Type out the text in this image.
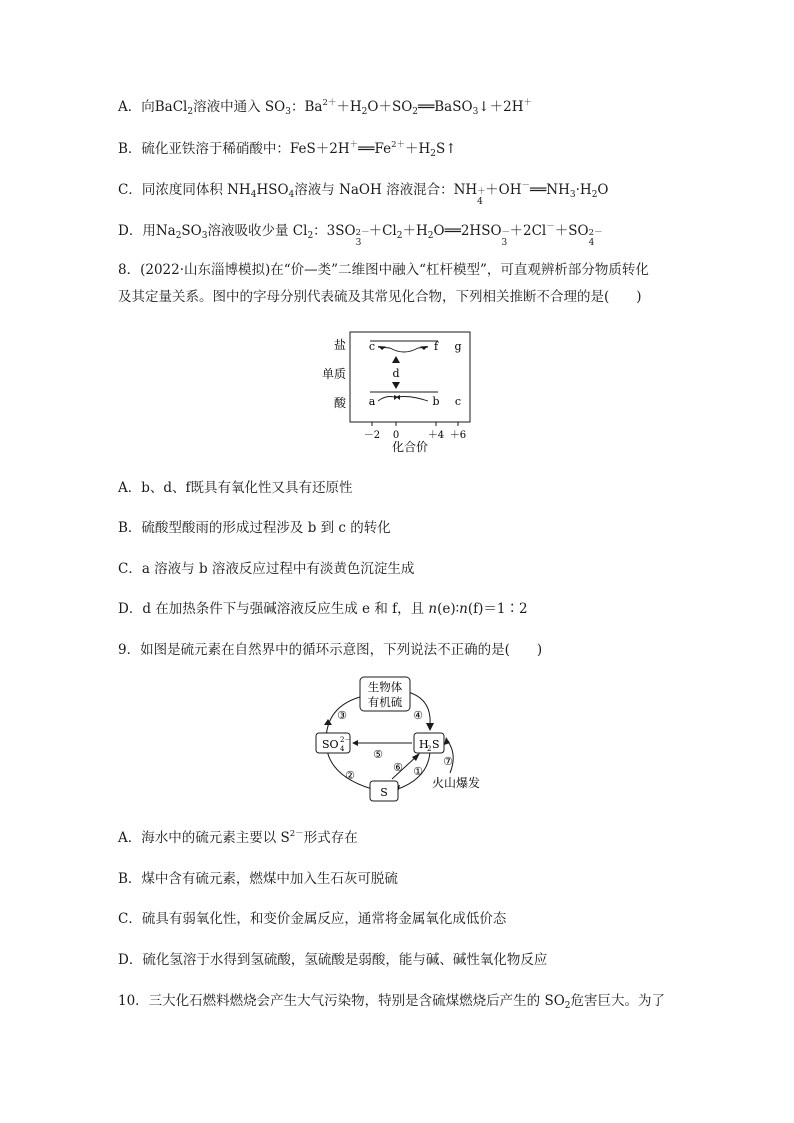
A．向BaCl$_2$溶液中通入 $SO_3$：$Ba^{2+}+H_2O+SO_2══BaSO_3↓+2H^+$
B．硫化亚铁溶于稀硝酸中：$FeS+2H^+══Fe^{2+}+H_2S↑$
C．同浓度同体积 $NH_4HSO_4$溶液与 NaOH 溶液混合：NH ＋
4
$+OH^-══NH_3\cdot H_2O$
D．用$Na_2SO_3$溶液吸收少量 $Cl_2$：3SO 2－
3
$+Cl_2+H_2O══2HSO$ －
3
＋2Cl－＋SO 2－
4
8．(2022·山东淄博模拟)在“价—类”二维图中融入“杠杆模型”，可直观辨析部分物质转化
及其定量关系。图中的字母分别代表硫及其常见化合物，下列相关推断不合理的是(　　)
盐
单质
酸
－2 0	＋4 ＋6
化合价
c	f g
d
a	b c
A．b、d、f既具有氧化性又具有还原性
B．硫酸型酸雨的形成过程涉及 b 到 c 的转化
C．a 溶液与 b 溶液反应过程中有淡黄色沉淀生成
D．d 在加热条件下与强碱溶液反应生成 e 和 f，且 n(e)∶n(f)＝1∶2
9．如图是硫元素在自然界中的循环示意图，下列说法不正确的是(　　)
生物体
有机硫
SO 2－
4	H
2 S
S
③	④
⑤
⑥ ①
②
⑦
火山爆发
A．海水中的硫元素主要以 $S^{2-}$形式存在
B．煤中含有硫元素，燃煤中加入生石灰可脱硫
C．硫具有弱氧化性，和变价金属反应，通常将金属氧化成低价态
D．硫化氢溶于水得到氢硫酸，氢硫酸是弱酸，能与碱、碱性氧化物反应
10．三大化石燃料燃烧会产生大气污染物，特别是含硫煤燃烧后产生的 $SO_2$危害巨大。为了
